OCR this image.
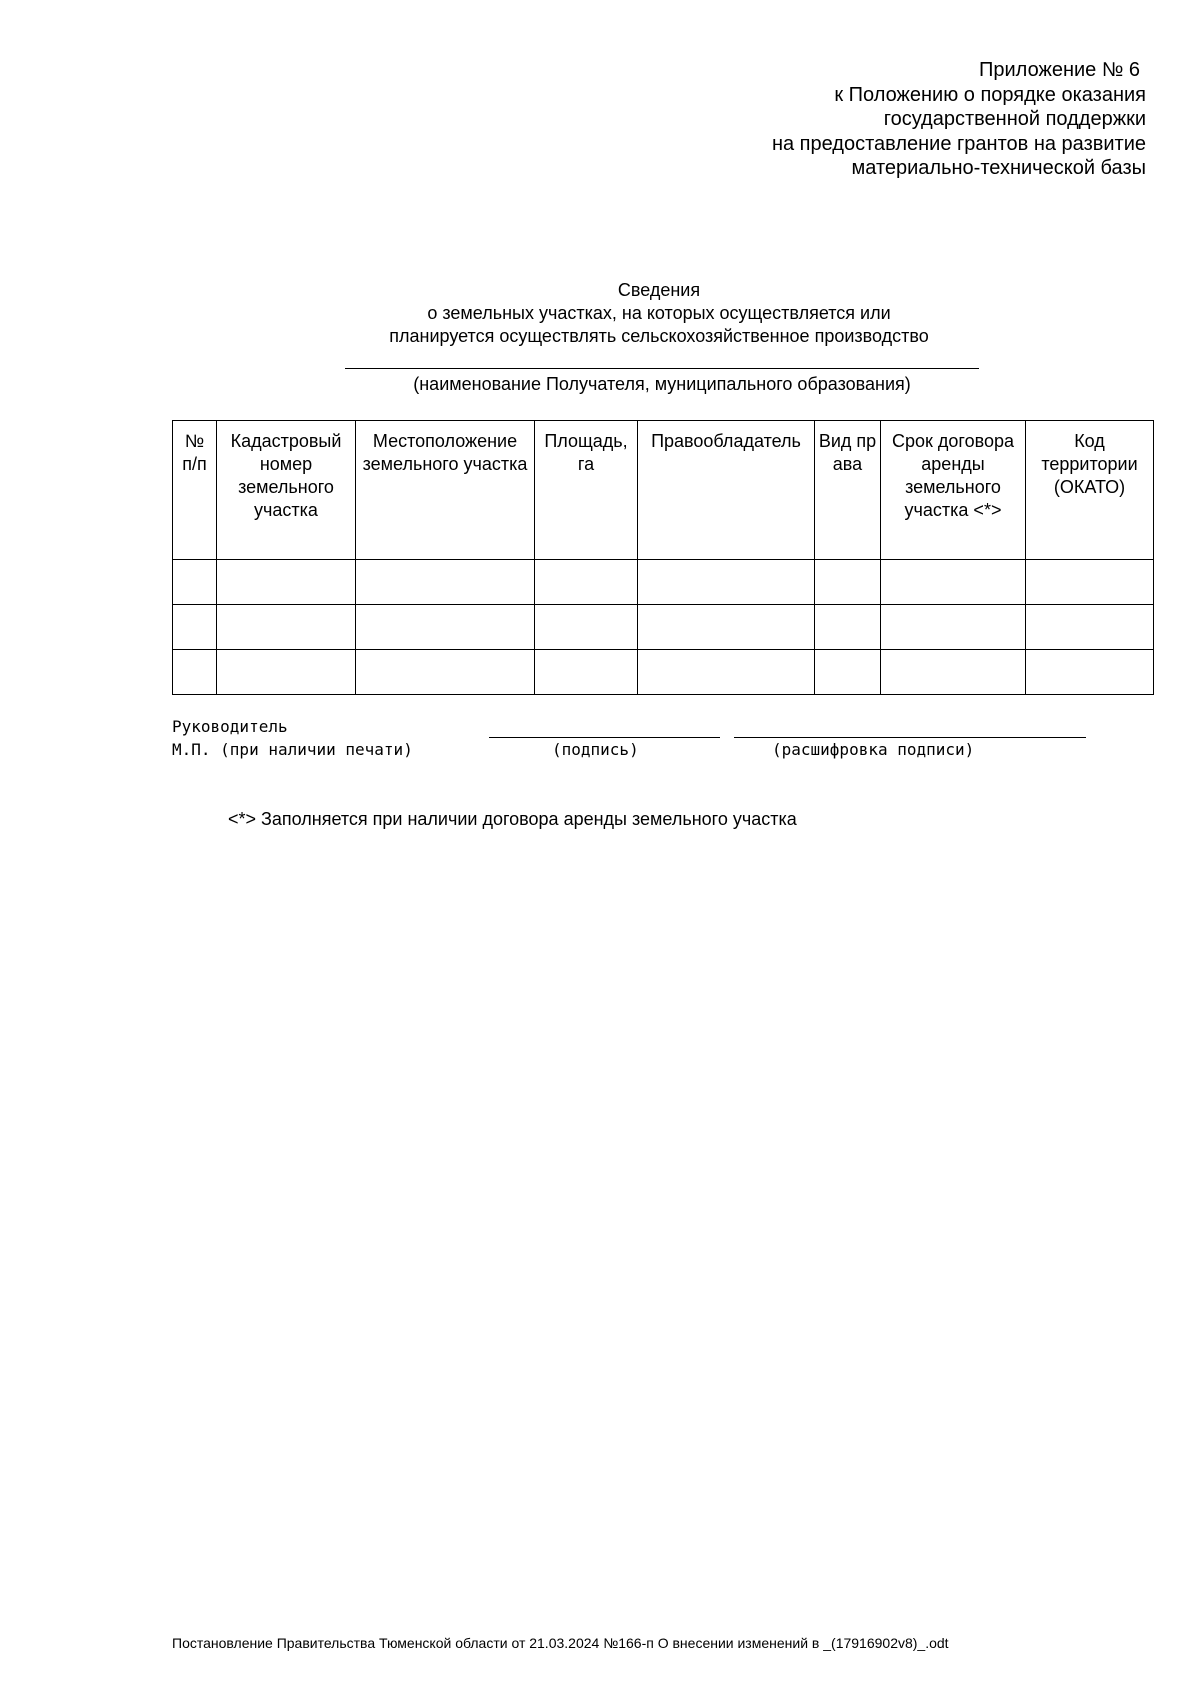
Приложение № 6
к Положению о порядке оказания
государственной поддержки
на предоставление грантов на развитие
материально-технической базы
Сведения
о земельных участках, на которых осуществляется или
планируется осуществлять сельскохозяйственное производство
(наименование Получателя, муниципального образования)
№ п/п	Кадастровый номер земельного участка	Местоположение земельного участка	Площадь, га	Правообладатель	Вид права	Срок договора аренды земельного участка <*>	Код территории (ОКАТО)

Руководитель
М.П. (при наличии печати)	(подпись)	(расшифровка подписи)
<*> Заполняется при наличии договора аренды земельного участка
Постановление Правительства Тюменской области от 21.03.2024 №166-п О внесении изменений в _(17916902v8)_.odt
